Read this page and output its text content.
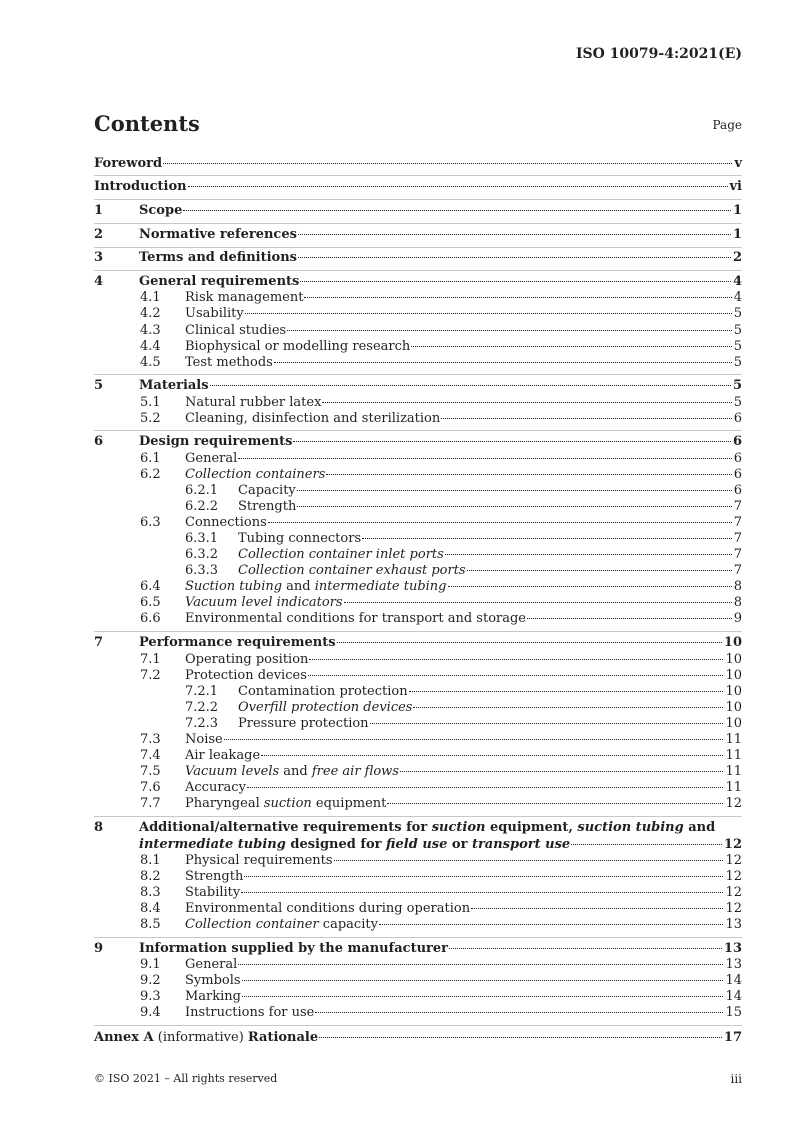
ISO 10079-4:2021(E)
Contents	Page
Foreword	v
Introduction	vi
1	Scope	1
2	Normative references	1
3	Terms and definitions	2
4	General requirements	4
4.1 Risk management	4
4.2 Usability	5
4.3 Clinical studies	5
4.4 Biophysical or modelling research	5
4.5 Test methods	5
5	Materials	5
5.1 Natural rubber latex	5
5.2 Cleaning, disinfection and sterilization	6
6	Design requirements	6
6.1 General	6
6.2 Collection containers	6
6.2.1 Capacity	6
6.2.2 Strength	7
6.3 Connections	7
6.3.1 Tubing connectors	7
6.3.2 Collection container inlet ports	7
6.3.3 Collection container exhaust ports	7
6.4 Suction tubing and intermediate tubing	8
6.5 Vacuum level indicators	8
6.6 Environmental conditions for transport and storage	9
7	Performance requirements	10
7.1 Operating position	10
7.2 Protection devices	10
7.2.1 Contamination protection	10
7.2.2 Overfill protection devices	10
7.2.3 Pressure protection	10
7.3 Noise	11
7.4 Air leakage	11
7.5 Vacuum levels and free air flows	11
7.6 Accuracy	11
7.7 Pharyngeal suction equipment	12
8	Additional/alternative requirements for suction equipment, suction tubing and
intermediate tubing designed for field use or transport use	12
8.1 Physical requirements	12
8.2 Strength	12
8.3 Stability	12
8.4 Environmental conditions during operation	12
8.5 Collection container capacity	13
9	Information supplied by the manufacturer	13
9.1 General	13
9.2 Symbols	14
9.3 Marking	14
9.4 Instructions for use	15
Annex A (informative) Rationale	17
© ISO 2021 – All rights reserved	iii
